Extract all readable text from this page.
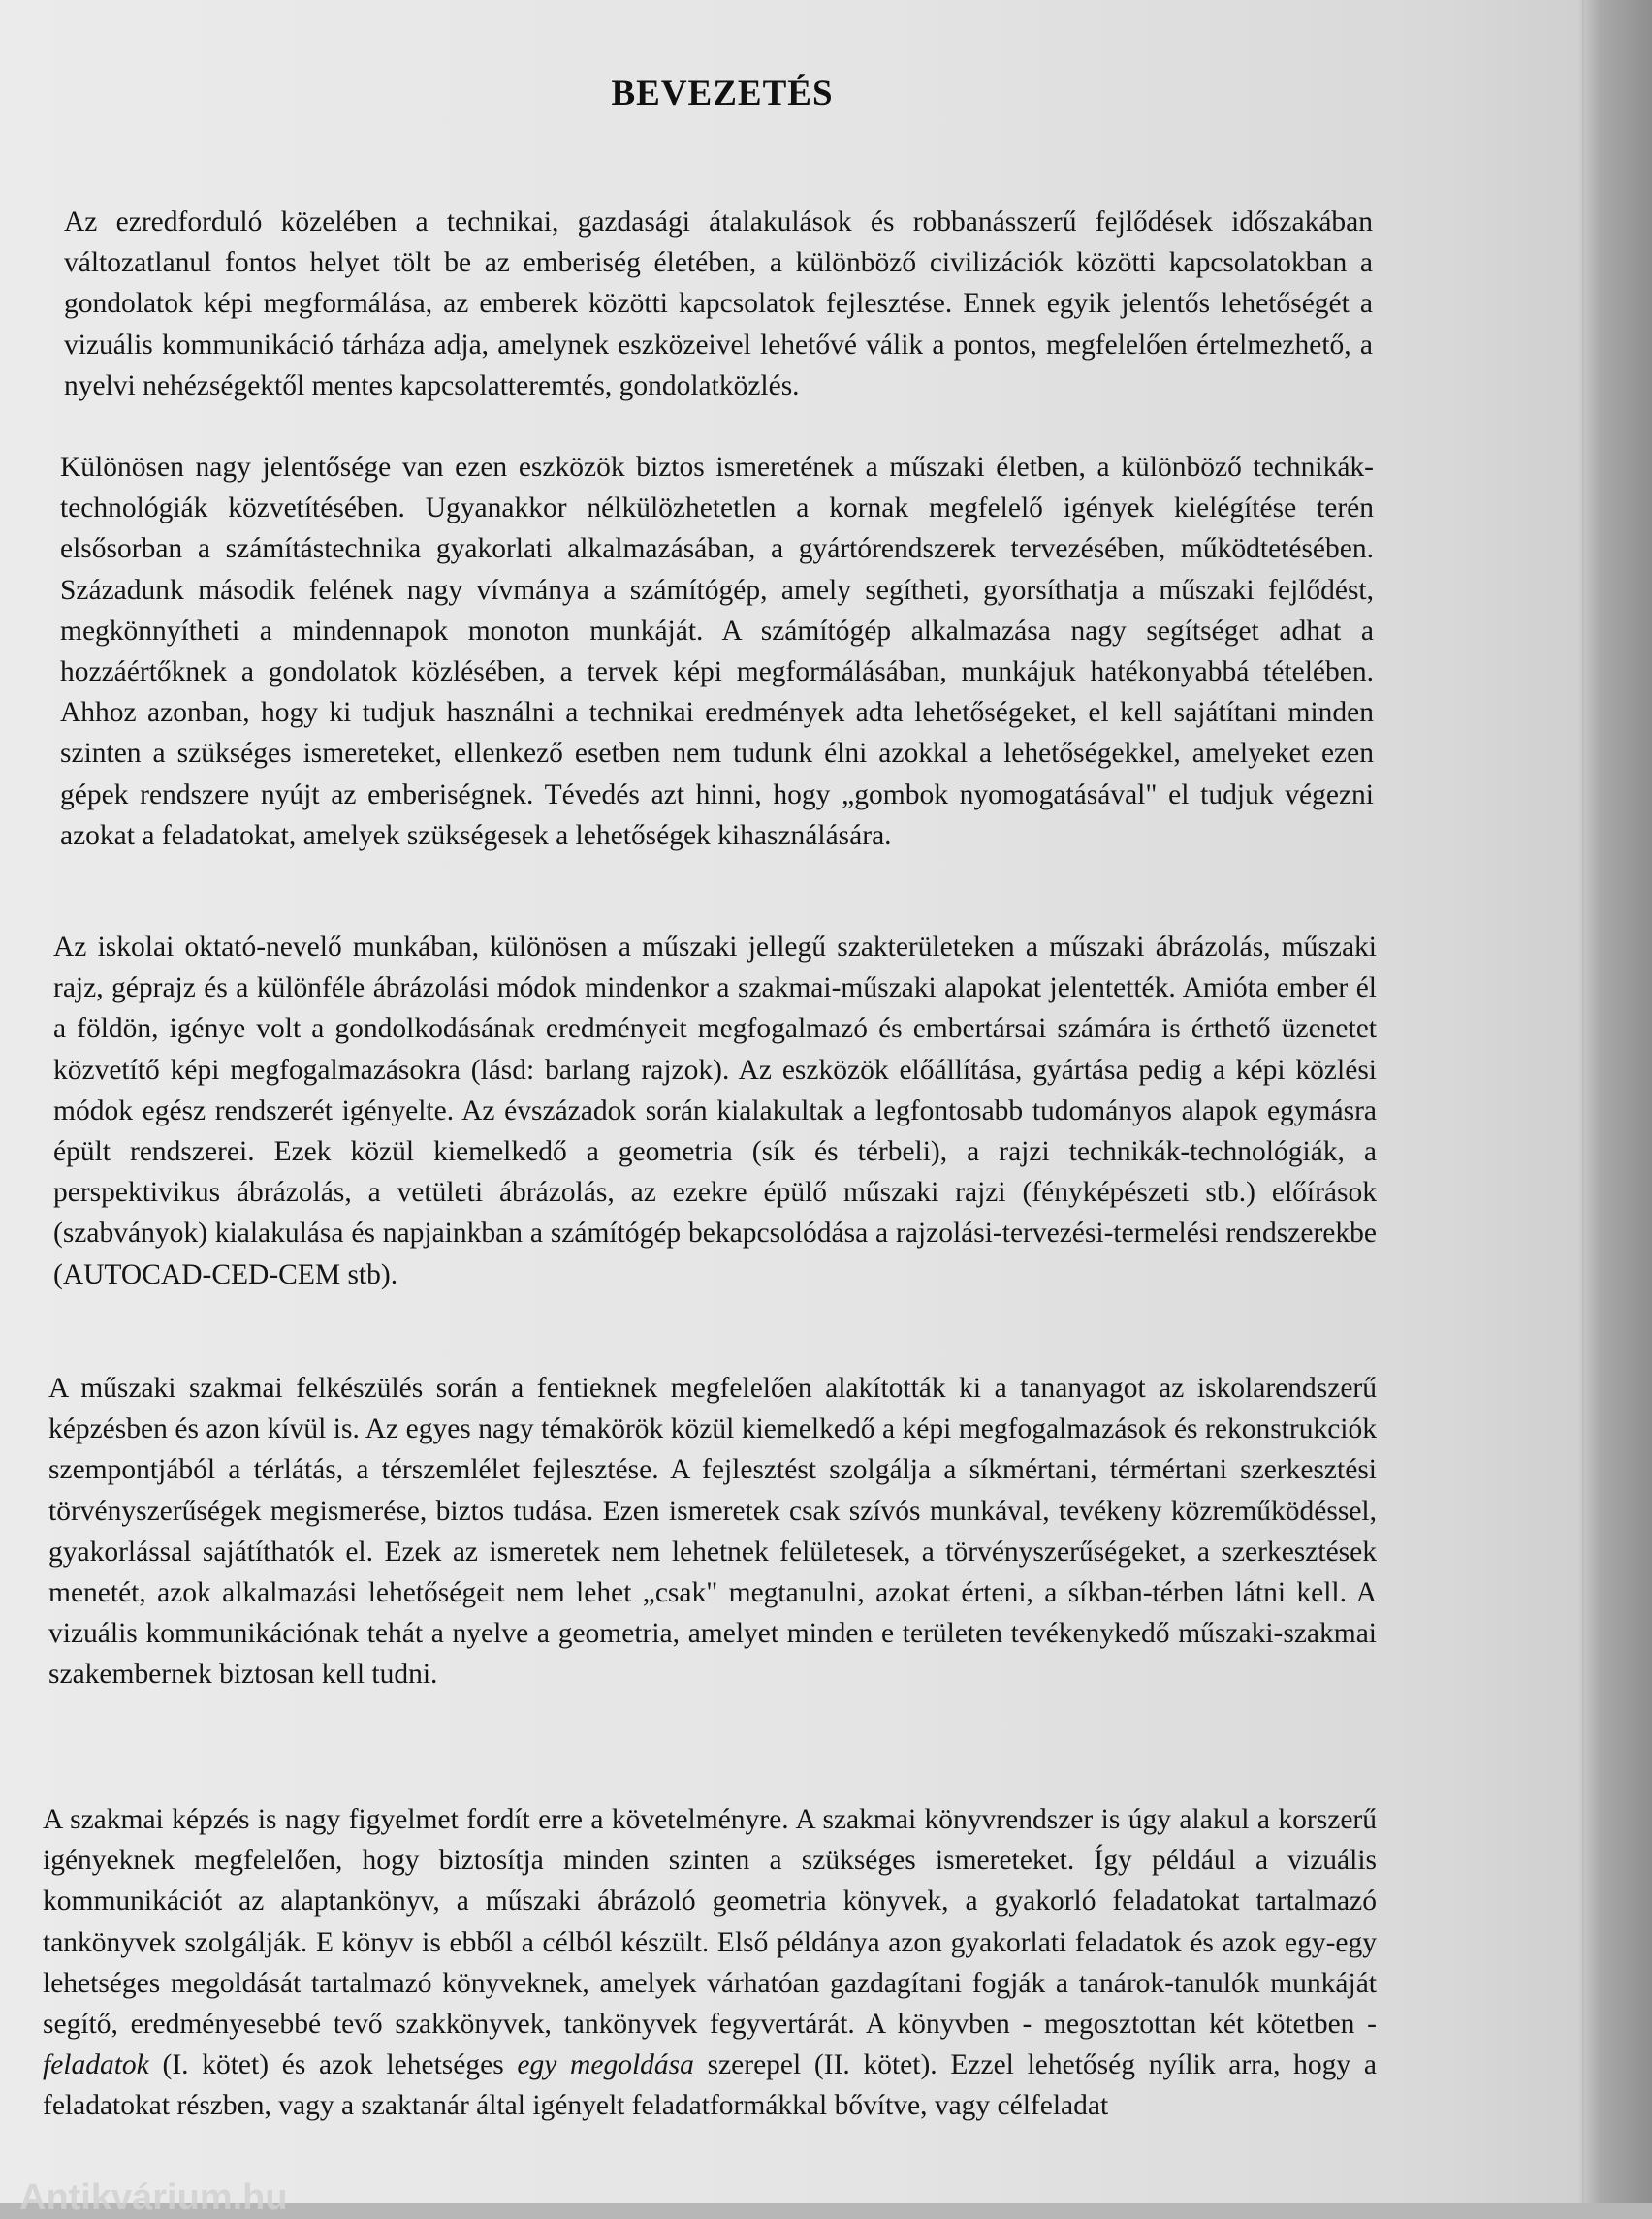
BEVEZETÉS

Az ezredforduló közelében a technikai, gazdasági átalakulások és robbanásszerű fejlődések időszakában változatlanul fontos helyet tölt be az emberiség életében, a különböző civilizációk közötti kapcsolatokban a gondolatok képi megformálása, az emberek közötti kapcsolatok fejlesztése. Ennek egyik jelentős lehetőségét a vizuális kommunikáció tárháza adja, amelynek eszközeivel lehetővé válik a pontos, megfelelően értelmezhető, a nyelvi nehézségektől mentes kapcsolatteremtés, gondolatközlés.

Különösen nagy jelentősége van ezen eszközök biztos ismeretének a műszaki életben, a különböző technikák-technológiák közvetítésében. Ugyanakkor nélkülözhetetlen a kornak megfelelő igények kielégítése terén elsősorban a számítástechnika gyakorlati alkalmazásában, a gyártórendszerek tervezésében, működtetésében. Századunk második felének nagy vívmánya a számítógép, amely segítheti, gyorsíthatja a műszaki fejlődést, megkönnyítheti a mindennapok monoton munkáját. A számítógép alkalmazása nagy segítséget adhat a hozzáértőknek a gondolatok közlésében, a tervek képi megformálásában, munkájuk hatékonyabbá tételében. Ahhoz azonban, hogy ki tudjuk használni a technikai eredmények adta lehetőségeket, el kell sajátítani minden szinten a szükséges ismereteket, ellenkező esetben nem tudunk élni azokkal a lehetőségekkel, amelyeket ezen gépek rendszere nyújt az emberiségnek. Tévedés azt hinni, hogy „gombok nyomogatásával" el tudjuk végezni azokat a feladatokat, amelyek szükségesek a lehetőségek kihasználására.

Az iskolai oktató-nevelő munkában, különösen a műszaki jellegű szakterületeken a műszaki ábrázolás, műszaki rajz, géprajz és a különféle ábrázolási módok mindenkor a szakmai-műszaki alapokat jelentették. Amióta ember él a földön, igénye volt a gondolkodásának eredményeit megfogalmazó és embertársai számára is érthető üzenetet közvetítő képi megfogalmazásokra (lásd: barlang rajzok). Az eszközök előállítása, gyártása pedig a képi közlési módok egész rendszerét igényelte. Az évszázadok során kialakultak a legfontosabb tudományos alapok egymásra épült rendszerei. Ezek közül kiemelkedő a geometria (sík és térbeli), a rajzi technikák-technológiák, a perspektivikus ábrázolás, a vetületi ábrázolás, az ezekre épülő műszaki rajzi (fényképészeti stb.) előírások (szabványok) kialakulása és napjainkban a számítógép bekapcsolódása a rajzolási-tervezési-termelési rendszerekbe (AUTOCAD-CED-CEM stb).

A műszaki szakmai felkészülés során a fentieknek megfelelően alakították ki a tananyagot az iskolarendszerű képzésben és azon kívül is. Az egyes nagy témakörök közül kiemelkedő a képi megfogalmazások és rekonstrukciók szempontjából a térlátás, a térszemlélet fejlesztése. A fejlesztést szolgálja a síkmértani, térmértani szerkesztési törvényszerűségek megismerése, biztos tudása. Ezen ismeretek csak szívós munkával, tevékeny közreműködéssel, gyakorlással sajátíthatók el. Ezek az ismeretek nem lehetnek felületesek, a törvényszerűségeket, a szerkesztések menetét, azok alkalmazási lehetőségeit nem lehet „csak" megtanulni, azokat érteni, a síkban-térben látni kell. A vizuális kommunikációnak tehát a nyelve a geometria, amelyet minden e területen tevékenykedő műszaki-szakmai szakembernek biztosan kell tudni.

A szakmai képzés is nagy figyelmet fordít erre a követelményre. A szakmai könyvrendszer is úgy alakul a korszerű igényeknek megfelelően, hogy biztosítja minden szinten a szükséges ismereteket. Így például a vizuális kommunikációt az alaptankönyv, a műszaki ábrázoló geometria könyvek, a gyakorló feladatokat tartalmazó tankönyvek szolgálják. E könyv is ebből a célból készült. Első példánya azon gyakorlati feladatok és azok egy-egy lehetséges megoldását tartalmazó könyveknek, amelyek várhatóan gazdagítani fogják a tanárok-tanulók munkáját segítő, eredményesebbé tevő szakkönyvek, tankönyvek fegyvertárát. A könyvben - megosztottan két kötetben - feladatok (I. kötet) és azok lehetséges egy megoldása szerepel (II. kötet). Ezzel lehetőség nyílik arra, hogy a feladatokat részben, vagy a szaktanár által igényelt feladatformákkal bővítve, vagy célfeladat

Antikvárium.hu
